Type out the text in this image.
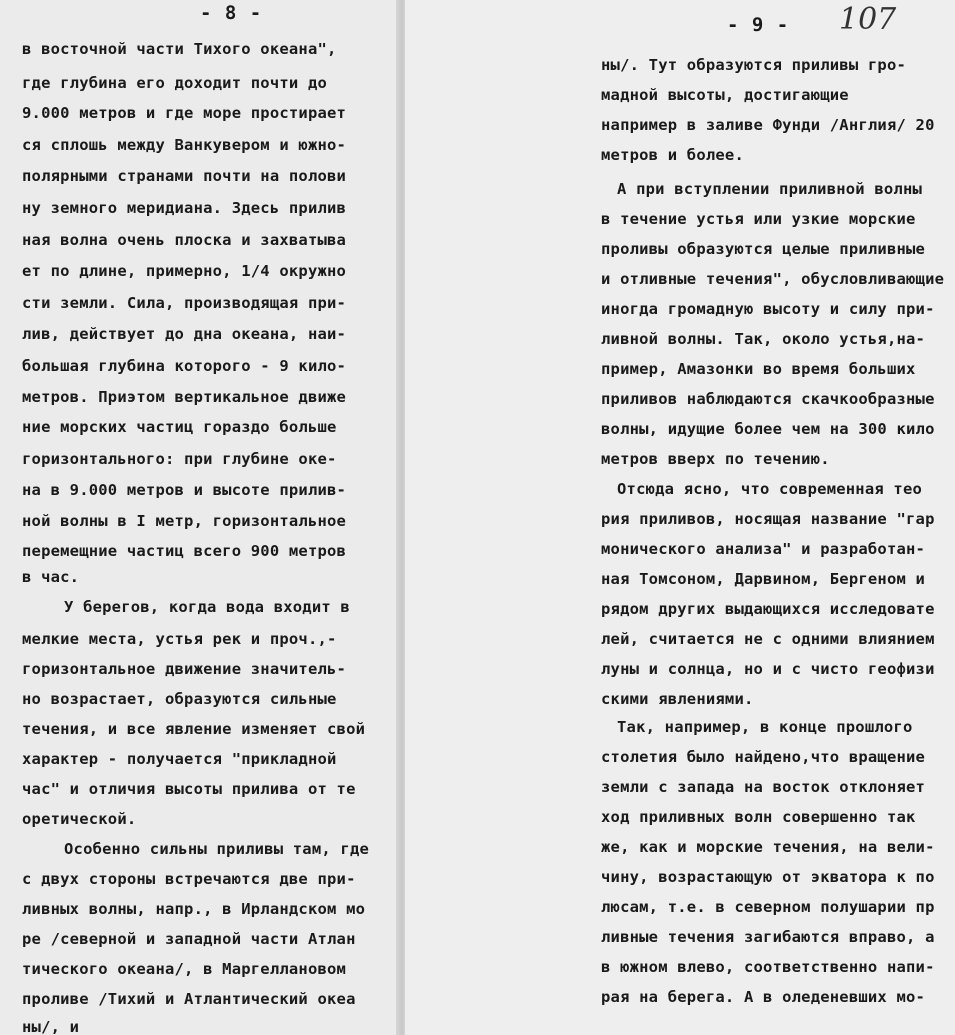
- 8 -
в восточной части Тихого океана",
где глубина его доходит почти до
9.000 метров и где море простирает
ся сплошь между Ванкувером и южно-
полярными странами почти на полови
ну земного меридиана. Здесь прилив
ная волна очень плоска и захватыва
ет по длине, примерно, 1/4 окружно
сти земли. Сила, производящая при-
лив, действует до дна океана, наи-
большая глубина которого - 9 кило-
метров. Приэтом вертикальное движе
ние морских частиц гораздо больше
горизонтального: при глубине оке-
на в 9.000 метров и высоте прилив-
ной волны в I метр, горизонтальное
перемещние частиц всего 900 метров
в час.
У берегов, когда вода входит в
мелкие места, устья рек и проч.,-
горизонтальное движение значитель-
но возрастает, образуются сильные
течения, и все явление изменяет свой
характер - получается "прикладной
час" и отличия высоты прилива от те
оретической.
Особенно сильны приливы там, где
с двух стороны встречаются две при-
ливных волны, напр., в Ирландском мо
ре /северной и западной части Атлан
тического океана/, в Маргеллановом
проливе /Тихий и Атлантический океа
ны/, и
- 9 - 107
ны/. Тут образуются приливы гро-
мадной высоты, достигающие
например в заливе Фунди /Англия/ 20
метров и более.
А при вступлении приливной волны
в течение устья или узкие морские
проливы образуются целые приливные
и отливные течения", обусловливающие
иногда громадную высоту и силу при-
ливной волны. Так, около устья,на-
пример, Амазонки во время больших
приливов наблюдаются скачкообразные
волны, идущие более чем на 300 кило
метров вверх по течению.
Отсюда ясно, что современная тео
рия приливов, носящая название "гар
монического анализа" и разработан-
ная Томсоном, Дарвином, Бергеном и
рядом других выдающихся исследовате
лей, считается не с одними влиянием
луны и солнца, но и с чисто геофизи
скими явлениями.
Так, например, в конце прошлого
столетия было найдено,что вращение
земли с запада на восток отклоняет
ход приливных волн совершенно так
же, как и морские течения, на вели-
чину, возрастающую от экватора к по
люсам, т.е. в северном полушарии пр
ливные течения загибаются вправо, а
в южном влево, соответственно напи-
рая на берега. А в оледеневших мо-
